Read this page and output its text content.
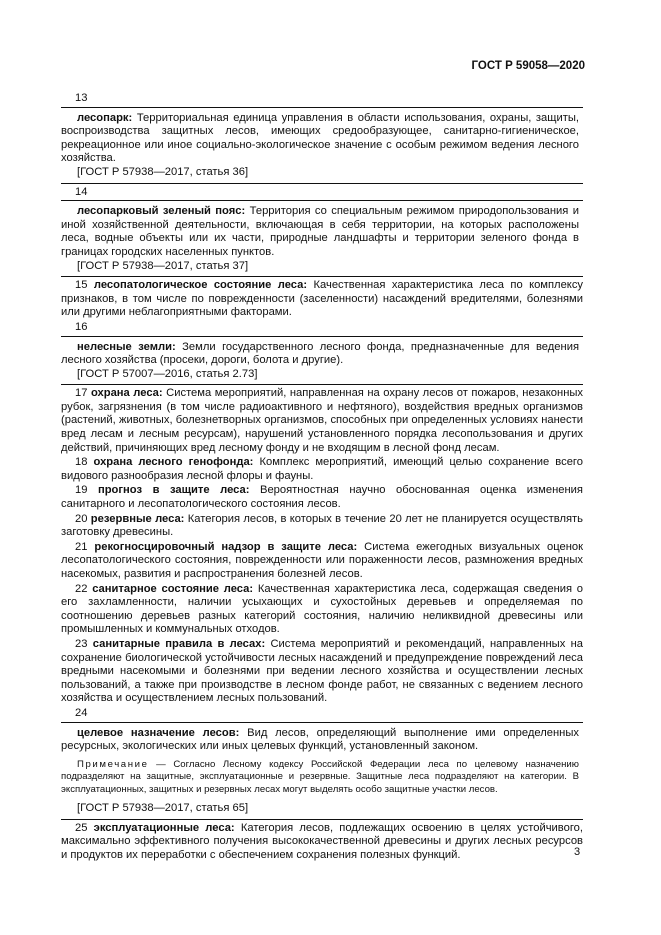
ГОСТ Р 59058—2020
13

лесопарк: Территориальная единица управления в области использования, охраны, защиты, воспроизводства защитных лесов, имеющих средообразующее, санитарно-гигиеническое, рекреационное или иное социально-экологическое значение с особым режимом ведения лесного хозяйства.

[ГОСТ Р 57938—2017, статья 36]

14

лесопарковый зеленый пояс: Территория со специальным режимом природопользования и иной хозяйственной деятельности, включающая в себя территории, на которых расположены леса, водные объекты или их части, природные ландшафты и территории зеленого фонда в границах городских населенных пунктов.

[ГОСТ Р 57938—2017, статья 37]

15 лесопатологическое состояние леса: Качественная характеристика леса по комплексу признаков, в том числе по поврежденности (заселенности) насаждений вредителями, болезнями или другими неблагоприятными факторами.

16

нелесные земли: Земли государственного лесного фонда, предназначенные для ведения лесного хозяйства (просеки, дороги, болота и другие).

[ГОСТ Р 57007—2016, статья 2.73]

17 охрана леса: Система мероприятий, направленная на охрану лесов от пожаров, незаконных рубок, загрязнения (в том числе радиоактивного и нефтяного), воздействия вредных организмов (растений, животных, болезнетворных организмов, способных при определенных условиях нанести вред лесам и лесным ресурсам), нарушений установленного порядка лесопользования и других действий, причиняющих вред лесному фонду и не входящим в лесной фонд лесам.

18 охрана лесного генофонда: Комплекс мероприятий, имеющий целью сохранение всего видового разнообразия лесной флоры и фауны.

19 прогноз в защите леса: Вероятностная научно обоснованная оценка изменения санитарного и лесопатологического состояния лесов.

20 резервные леса: Категория лесов, в которых в течение 20 лет не планируется осуществлять заготовку древесины.

21 рекогносцировочный надзор в защите леса: Система ежегодных визуальных оценок лесопатологического состояния, поврежденности или пораженности лесов, размножения вредных насекомых, развития и распространения болезней лесов.

22 санитарное состояние леса: Качественная характеристика леса, содержащая сведения о его захламленности, наличии усыхающих и сухостойных деревьев и определяемая по соотношению деревьев разных категорий состояния, наличию неликвидной древесины или промышленных и коммунальных отходов.

23 санитарные правила в лесах: Система мероприятий и рекомендаций, направленных на сохранение биологической устойчивости лесных насаждений и предупреждение повреждений леса вредными насекомыми и болезнями при ведении лесного хозяйства и осуществлении лесных пользований, а также при производстве в лесном фонде работ, не связанных с ведением лесного хозяйства и осуществлением лесных пользований.

24

целевое назначение лесов: Вид лесов, определяющий выполнение ими определенных ресурсных, экологических или иных целевых функций, установленный законом.

Примечание — Согласно Лесному кодексу Российской Федерации леса по целевому назначению подразделяют на защитные, эксплуатационные и резервные. Защитные леса подразделяют на категории. В эксплуатационных, защитных и резервных лесах могут выделять особо защитные участки лесов.

[ГОСТ Р 57938—2017, статья 65]

25 эксплуатационные леса: Категория лесов, подлежащих освоению в целях устойчивого, максимально эффективного получения высококачественной древесины и других лесных ресурсов и продуктов их переработки с обеспечением сохранения полезных функций.	3
